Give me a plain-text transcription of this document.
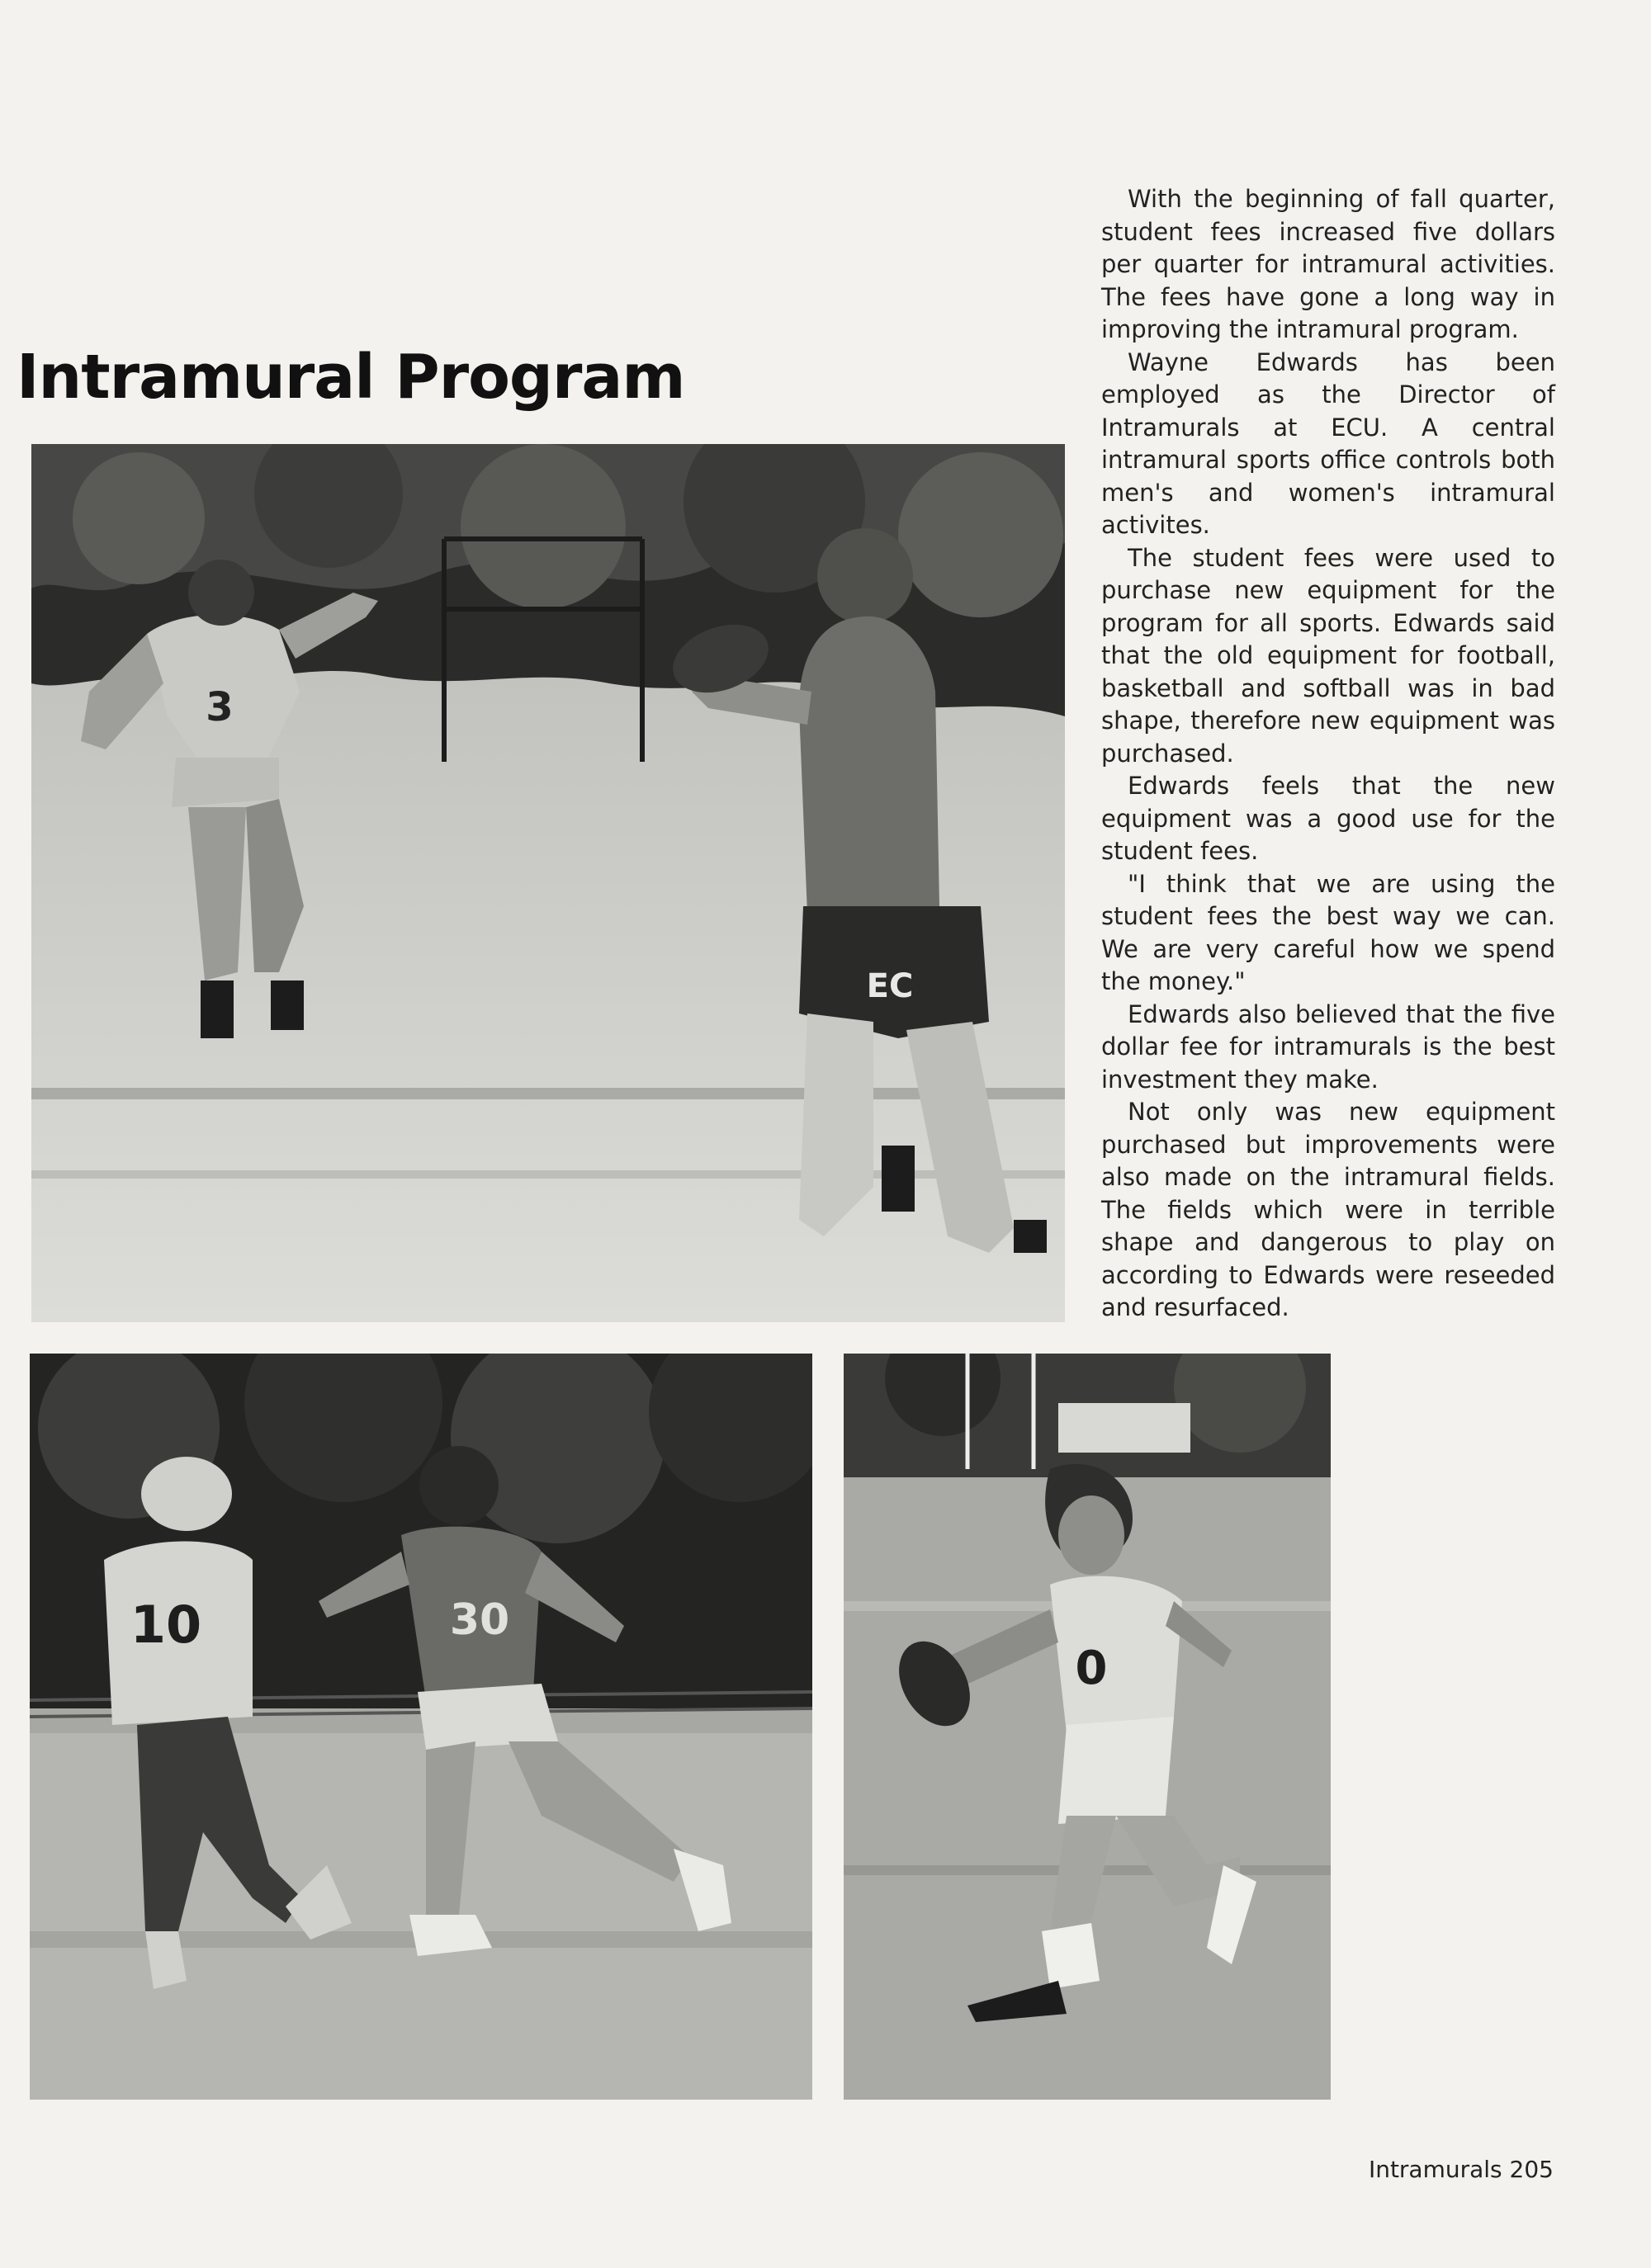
Intramural Program
3
EC
10	30
0

With the beginning of fall quarter, student fees increased five dollars per quarter for intramural activities. The fees have gone a long way in improving the intramural program.

Wayne Edwards has been employed as the Director of Intramurals at ECU. A central intramural sports office controls both men's and women's intramural activites.

The student fees were used to purchase new equipment for the program for all sports. Edwards said that the old equipment for football, basketball and softball was in bad shape, therefore new equipment was purchased.

Edwards feels that the new equipment was a good use for the student fees.

"I think that we are using the student fees the best way we can. We are very careful how we spend the money."

Edwards also believed that the five dollar fee for intramurals is the best investment they make.

Not only was new equipment purchased but improvements were also made on the intramural fields. The fields which were in terrible shape and dangerous to play on according to Edwards were reseeded and resurfaced.

Intramurals 205
